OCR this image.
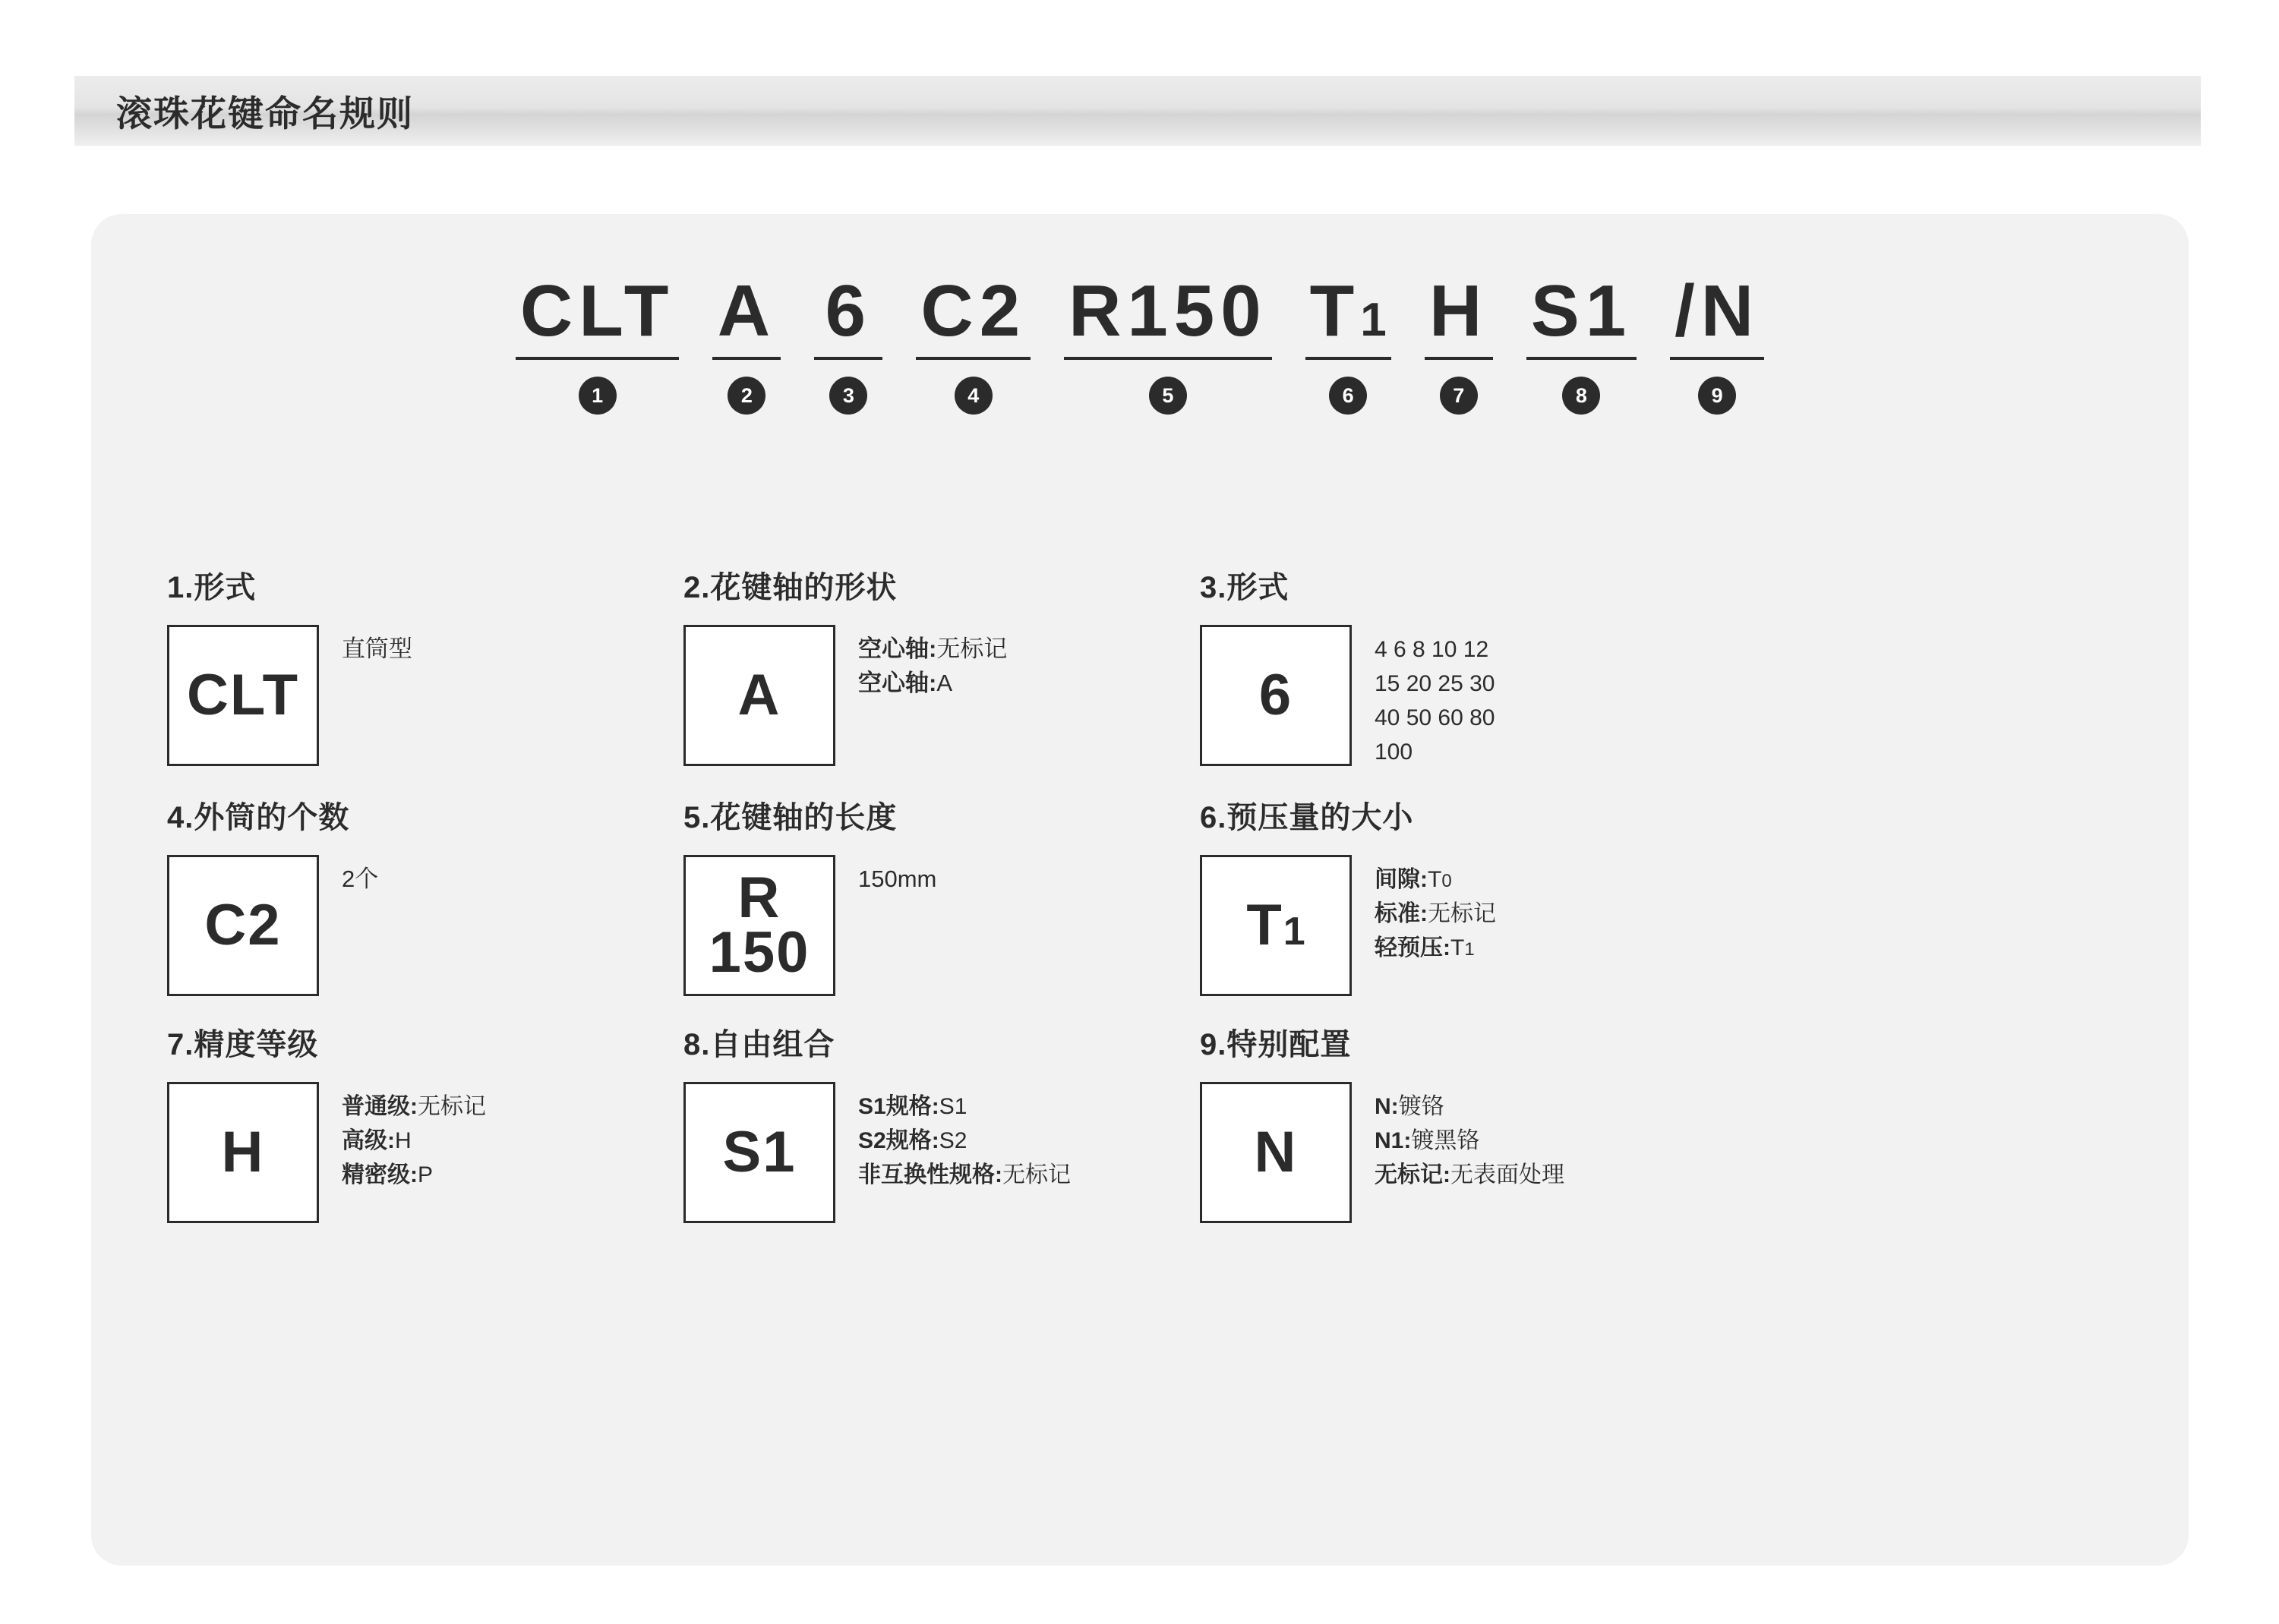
滚珠花键命名规则
CLT
1
A
2
6
3
C2
4
R150
5
T1
6
H
7
S1
8
/N
9
1.形式
CLT
直筒型
2.花键轴的形状
A
空心轴:无标记
空心轴:A
3.形式
6
4 6 8 10 12
15 20 25 30
40 50 60 80
100
4.外筒的个数
C2
2个
5.花键轴的长度
R
150
150mm
6.预压量的大小
T1
间隙:T0
标准:无标记
轻预压:T1
7.精度等级
H
普通级:无标记
高级:H
精密级:P
8.自由组合
S1
S1规格:S1
S2规格:S2
非互换性规格:无标记
9.特别配置
N
N:镀铬
N1:镀黑铬
无标记:无表面处理
